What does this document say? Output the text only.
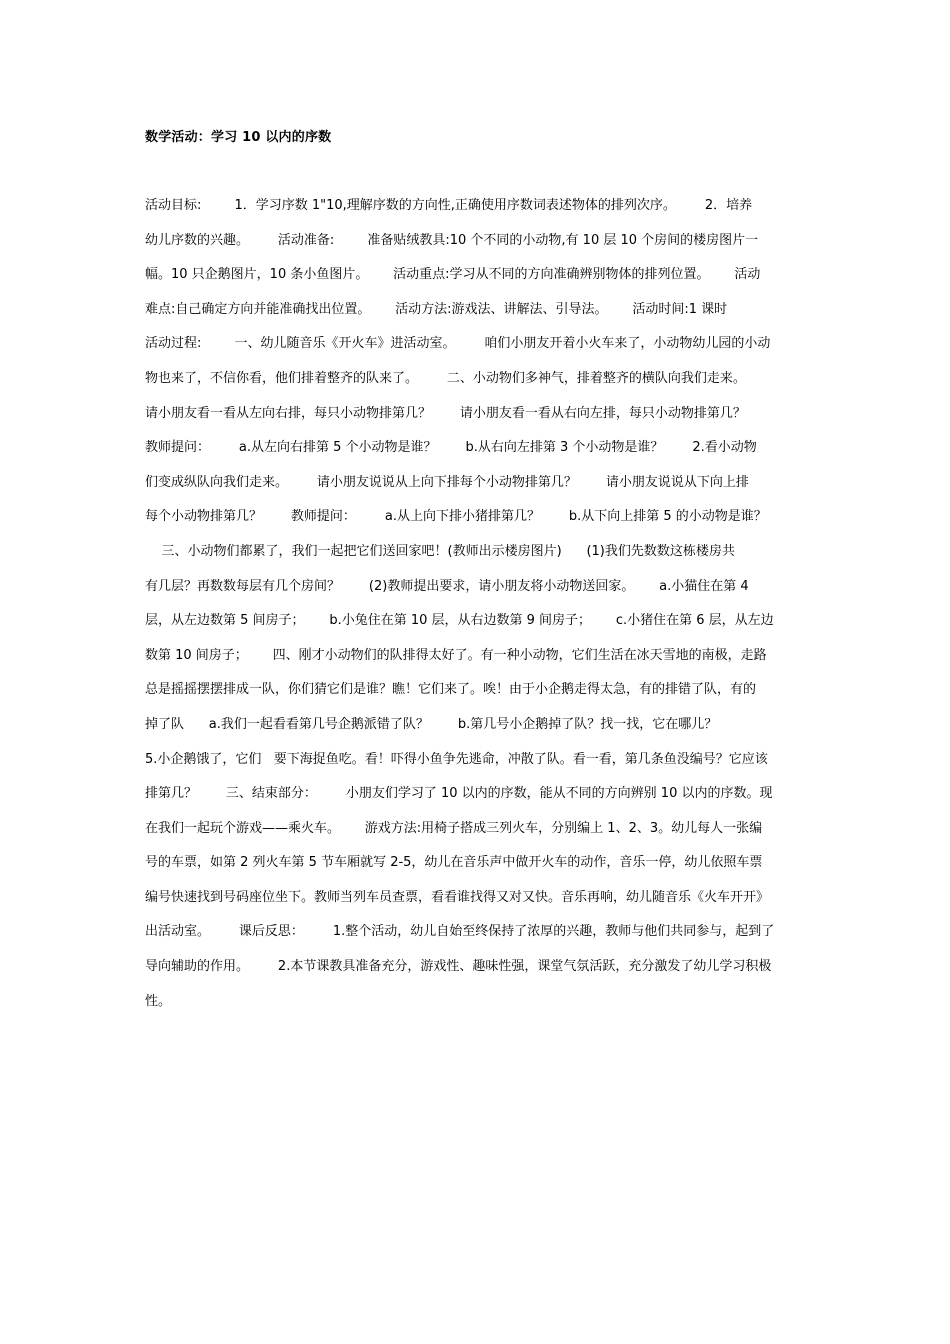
数学活动：学习 10 以内的序数
活动目标:        1．学习序数 1"10,理解序数的方向性,正确使用序数词表述物体的排列次序。       2．培养
幼儿序数的兴趣。       活动准备:        准备贴绒教具:10 个不同的小动物,有 10 层 10 个房间的楼房图片一
幅。10 只企鹅图片，10 条小鱼图片。      活动重点:学习从不同的方向准确辨别物体的排列位置。      活动
难点:自己确定方向并能准确找出位置。      活动方法:游戏法、讲解法、引导法。      活动时间:1 课时
活动过程:        一、幼儿随音乐《开火车》进活动室。       咱们小朋友开着小火车来了，小动物幼儿园的小动
物也来了，不信你看，他们排着整齐的队来了。       二、小动物们多神气，排着整齐的横队向我们走来。
请小朋友看一看从左向右排，每只小动物排第几？       请小朋友看一看从右向左排，每只小动物排第几？
教师提问：       a.从左向右排第 5 个小动物是谁？       b.从右向左排第 3 个小动物是谁？       2.看小动物
们变成纵队向我们走来。       请小朋友说说从上向下排每个小动物排第几？       请小朋友说说从下向上排
每个小动物排第几？       教师提问：       a.从上向下排小猪排第几？       b.从下向上排第 5 的小动物是谁？
三、小动物们都累了，我们一起把它们送回家吧！(教师出示楼房图片)      (1)我们先数数这栋楼房共
有几层？再数数每层有几个房间？       (2)教师提出要求，请小朋友将小动物送回家。      a.小猫住在第 4
层，从左边数第 5 间房子；      b.小兔住在第 10 层，从右边数第 9 间房子；      c.小猪住在第 6 层，从左边
数第 10 间房子；      四、刚才小动物们的队排得太好了。有一种小动物，它们生活在冰天雪地的南极，走路
总是摇摇摆摆排成一队，你们猜它们是谁？瞧！它们来了。唉！由于小企鹅走得太急，有的排错了队，有的
掉了队      a.我们一起看看第几号企鹅派错了队？       b.第几号小企鹅掉了队？找一找，它在哪儿？
5.小企鹅饿了，它们   要下海捉鱼吃。看！吓得小鱼争先逃命，冲散了队。看一看，第几条鱼没编号？它应该
排第几？       三、结束部分：       小朋友们学习了 10 以内的序数，能从不同的方向辨别 10 以内的序数。现
在我们一起玩个游戏——乘火车。      游戏方法:用椅子搭成三列火车，分别编上 1、2、3。幼儿每人一张编
号的车票，如第 2 列火车第 5 节车厢就写 2-5，幼儿在音乐声中做开火车的动作，音乐一停，幼儿依照车票
编号快速找到号码座位坐下。教师当列车员查票，看看谁找得又对又快。音乐再响，幼儿随音乐《火车开开》
出活动室。       课后反思：       1.整个活动，幼儿自始至终保持了浓厚的兴趣，教师与他们共同参与，起到了
导向辅助的作用。       2.本节课教具准备充分，游戏性、趣味性强，课堂气氛活跃，充分激发了幼儿学习积极
性。
